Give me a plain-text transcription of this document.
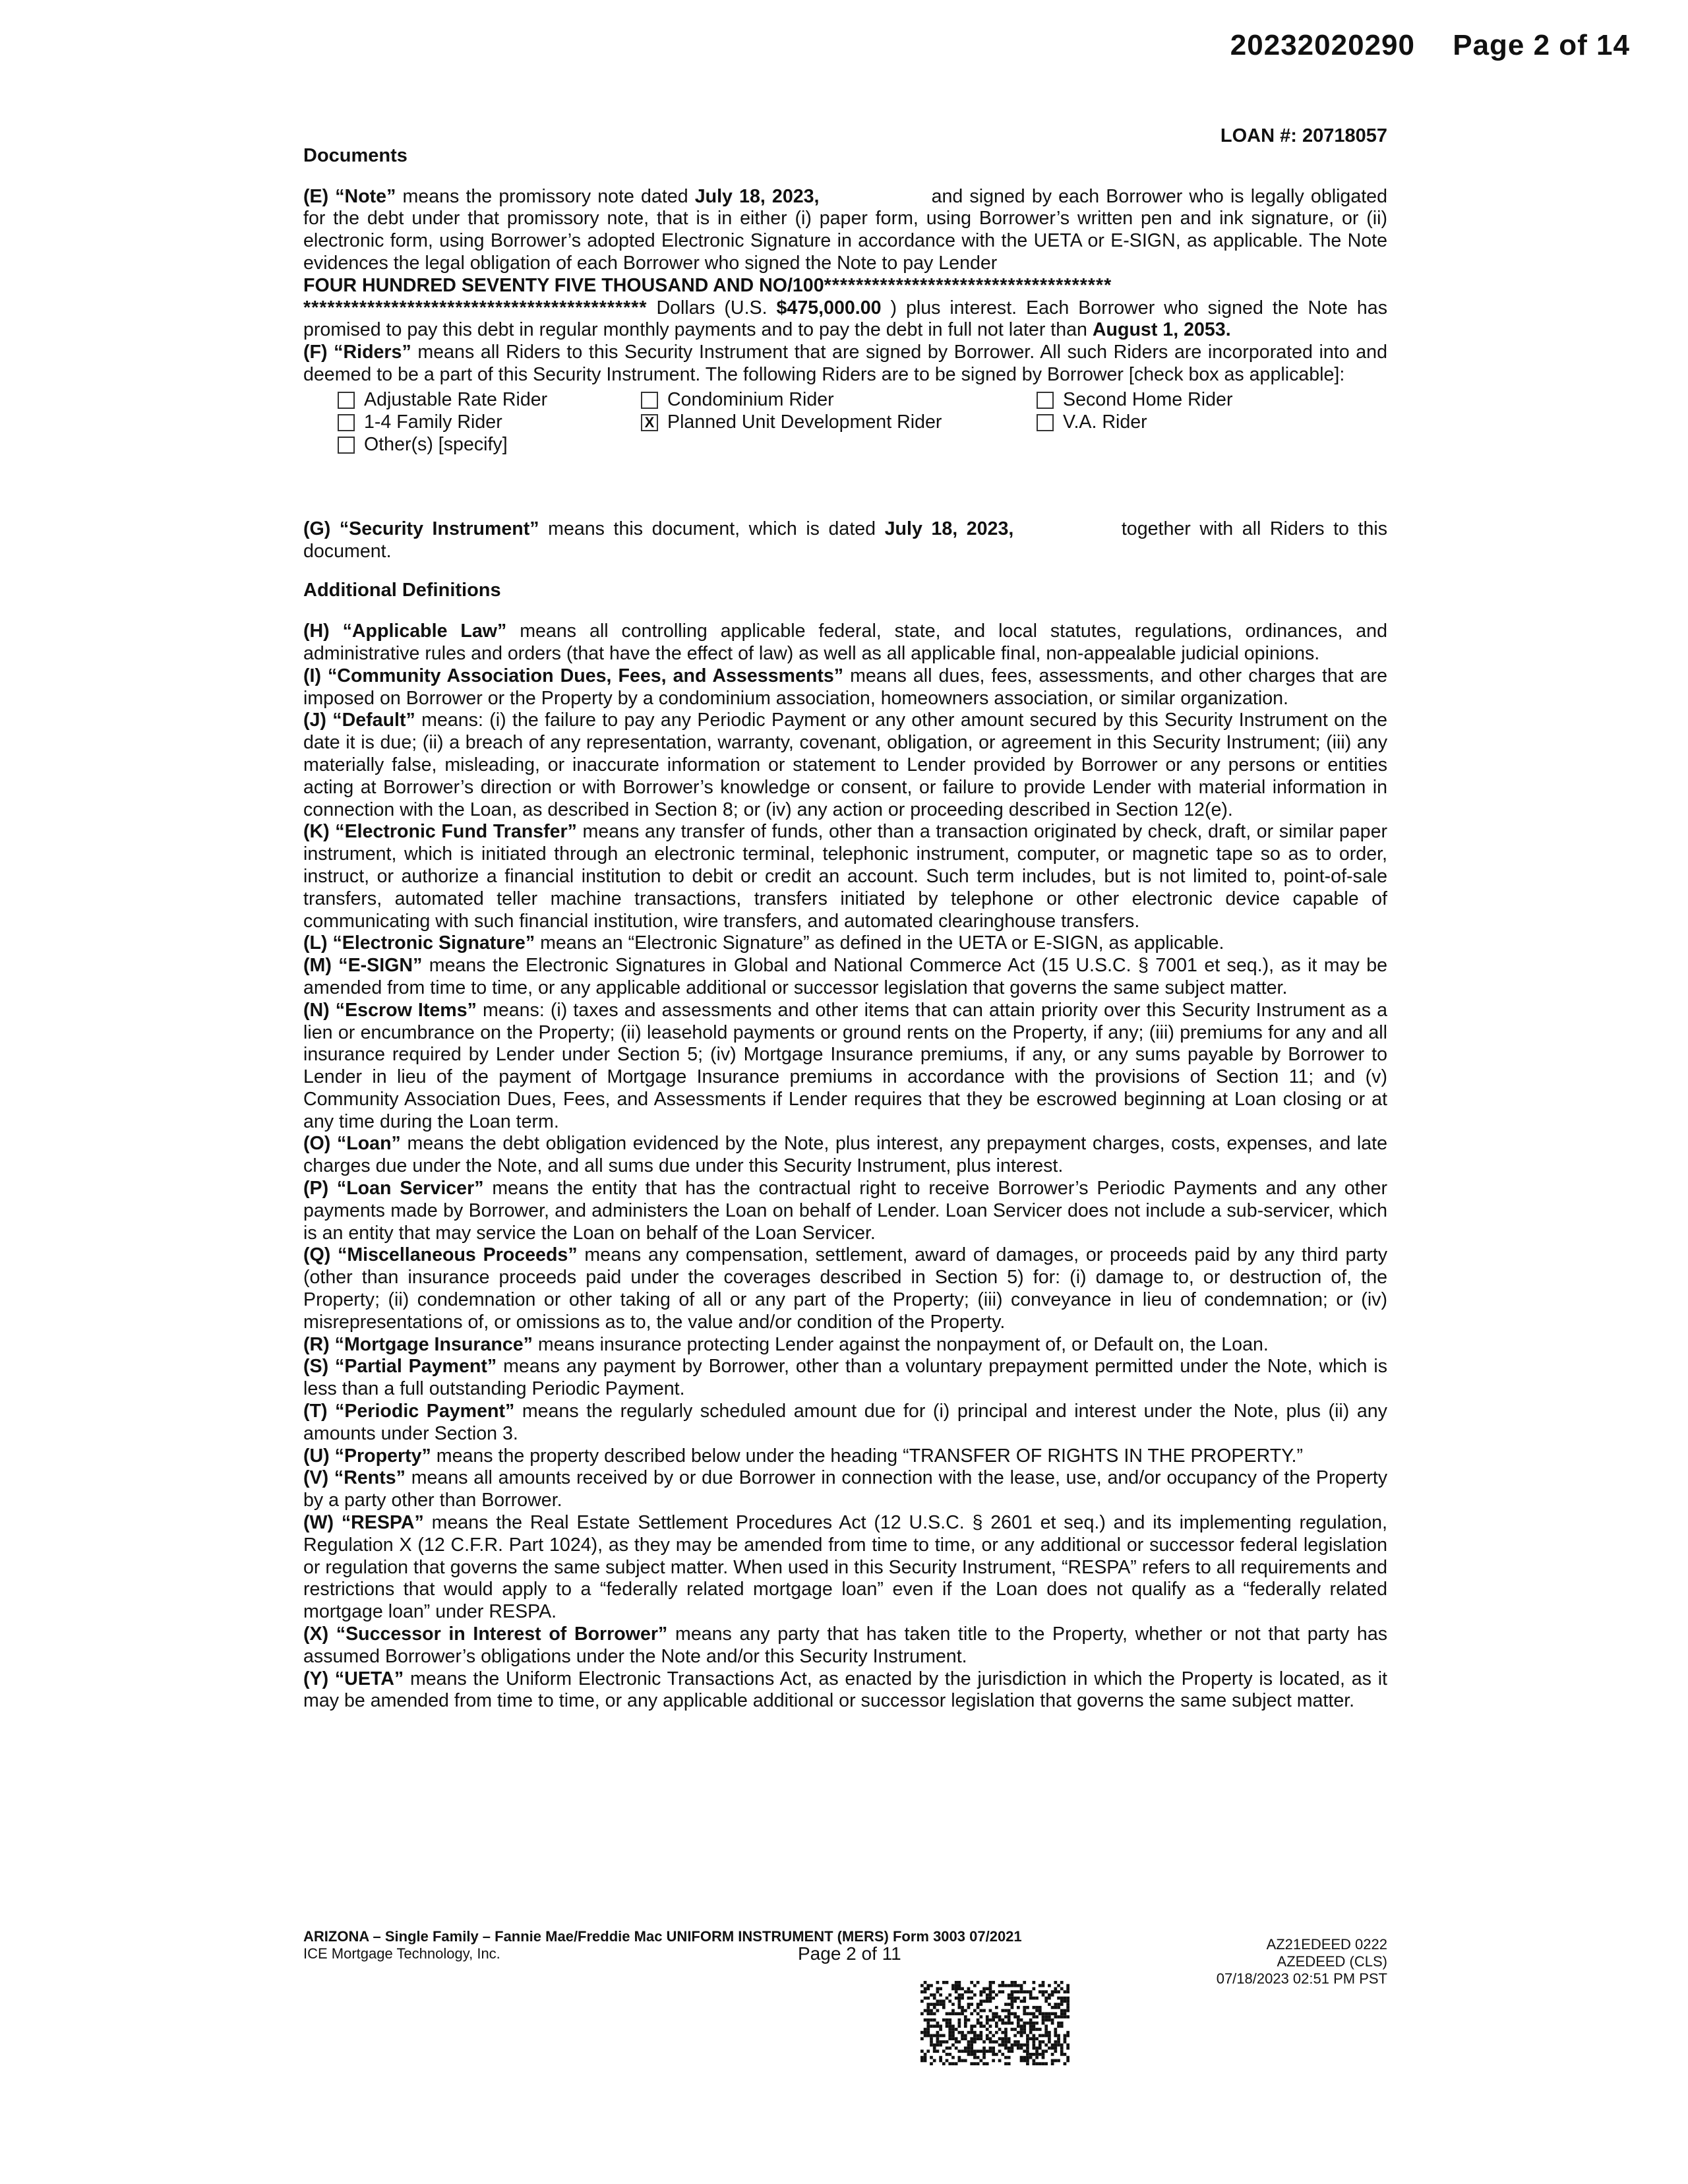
20232020290 Page 2 of 14
LOAN #: 20718057
Documents

(E) “Note” means the promissory note dated July 18, 2023,	and signed by each Borrower who is legally obligated for the debt under that promissory note, that is in either (i) paper form, using Borrower’s written pen and ink signature, or (ii) electronic form, using Borrower’s adopted Electronic Signature in accordance with the UETA or E-SIGN, as applicable. The Note evidences the legal obligation of each Borrower who signed the Note to pay Lender
FOUR HUNDRED SEVENTY FIVE THOUSAND AND NO/100************************************
******************************************* Dollars (U.S. $475,000.00 ) plus interest. Each Borrower who signed the Note has promised to pay this debt in regular monthly payments and to pay the debt in full not later than August 1, 2053.

(F) “Riders” means all Riders to this Security Instrument that are signed by Borrower. All such Riders are incorporated into and deemed to be a part of this Security Instrument. The following Riders are to be signed by Borrower [check box as applicable]:

Adjustable Rate Rider	Condominium Rider	Second Home Rider
1-4 Family Rider	X Planned Unit Development Rider	V.A. Rider
Other(s) [specify]

(G) “Security Instrument” means this document, which is dated July 18, 2023,	together with all Riders to this document.

Additional Definitions

(H) “Applicable Law” means all controlling applicable federal, state, and local statutes, regulations, ordinances, and administrative rules and orders (that have the effect of law) as well as all applicable final, non-appealable judicial opinions.

(I) “Community Association Dues, Fees, and Assessments” means all dues, fees, assessments, and other charges that are imposed on Borrower or the Property by a condominium association, homeowners association, or similar organization.

(J) “Default” means: (i) the failure to pay any Periodic Payment or any other amount secured by this Security Instrument on the date it is due; (ii) a breach of any representation, warranty, covenant, obligation, or agreement in this Security Instrument; (iii) any materially false, misleading, or inaccurate information or statement to Lender provided by Borrower or any persons or entities acting at Borrower’s direction or with Borrower’s knowledge or consent, or failure to provide Lender with material information in connection with the Loan, as described in Section 8; or (iv) any action or proceeding described in Section 12(e).

(K) “Electronic Fund Transfer” means any transfer of funds, other than a transaction originated by check, draft, or similar paper instrument, which is initiated through an electronic terminal, telephonic instrument, computer, or magnetic tape so as to order, instruct, or authorize a financial institution to debit or credit an account. Such term includes, but is not limited to, point-of-sale transfers, automated teller machine transactions, transfers initiated by telephone or other electronic device capable of communicating with such financial institution, wire transfers, and automated clearinghouse transfers.

(L) “Electronic Signature” means an “Electronic Signature” as defined in the UETA or E-SIGN, as applicable.

(M) “E-SIGN” means the Electronic Signatures in Global and National Commerce Act (15 U.S.C. § 7001 et seq.), as it may be amended from time to time, or any applicable additional or successor legislation that governs the same subject matter.

(N) “Escrow Items” means: (i) taxes and assessments and other items that can attain priority over this Security Instrument as a lien or encumbrance on the Property; (ii) leasehold payments or ground rents on the Property, if any; (iii) premiums for any and all insurance required by Lender under Section 5; (iv) Mortgage Insurance premiums, if any, or any sums payable by Borrower to Lender in lieu of the payment of Mortgage Insurance premiums in accordance with the provisions of Section 11; and (v) Community Association Dues, Fees, and Assessments if Lender requires that they be escrowed beginning at Loan closing or at any time during the Loan term.

(O) “Loan” means the debt obligation evidenced by the Note, plus interest, any prepayment charges, costs, expenses, and late charges due under the Note, and all sums due under this Security Instrument, plus interest.

(P) “Loan Servicer” means the entity that has the contractual right to receive Borrower’s Periodic Payments and any other payments made by Borrower, and administers the Loan on behalf of Lender. Loan Servicer does not include a sub-servicer, which is an entity that may service the Loan on behalf of the Loan Servicer.

(Q) “Miscellaneous Proceeds” means any compensation, settlement, award of damages, or proceeds paid by any third party (other than insurance proceeds paid under the coverages described in Section 5) for: (i) damage to, or destruction of, the Property; (ii) condemnation or other taking of all or any part of the Property; (iii) conveyance in lieu of condemnation; or (iv) misrepresentations of, or omissions as to, the value and/or condition of the Property.

(R) “Mortgage Insurance” means insurance protecting Lender against the nonpayment of, or Default on, the Loan.

(S) “Partial Payment” means any payment by Borrower, other than a voluntary prepayment permitted under the Note, which is less than a full outstanding Periodic Payment.

(T) “Periodic Payment” means the regularly scheduled amount due for (i) principal and interest under the Note, plus (ii) any amounts under Section 3.

(U) “Property” means the property described below under the heading “TRANSFER OF RIGHTS IN THE PROPERTY.”

(V) “Rents” means all amounts received by or due Borrower in connection with the lease, use, and/or occupancy of the Property by a party other than Borrower.

(W) “RESPA” means the Real Estate Settlement Procedures Act (12 U.S.C. § 2601 et seq.) and its implementing regulation, Regulation X (12 C.F.R. Part 1024), as they may be amended from time to time, or any additional or successor federal legislation or regulation that governs the same subject matter. When used in this Security Instrument, “RESPA” refers to all requirements and restrictions that would apply to a “federally related mortgage loan” even if the Loan does not qualify as a “federally related mortgage loan” under RESPA.

(X) “Successor in Interest of Borrower” means any party that has taken title to the Property, whether or not that party has assumed Borrower’s obligations under the Note and/or this Security Instrument.

(Y) “UETA” means the Uniform Electronic Transactions Act, as enacted by the jurisdiction in which the Property is located, as it may be amended from time to time, or any applicable additional or successor legislation that governs the same subject matter.

ARIZONA – Single Family – Fannie Mae/Freddie Mac UNIFORM INSTRUMENT (MERS) Form 3003 07/2021
ICE Mortgage Technology, Inc.	Page 2 of 11	AZ21EDEED 0222
AZEDEED (CLS)
07/18/2023 02:51 PM PST
